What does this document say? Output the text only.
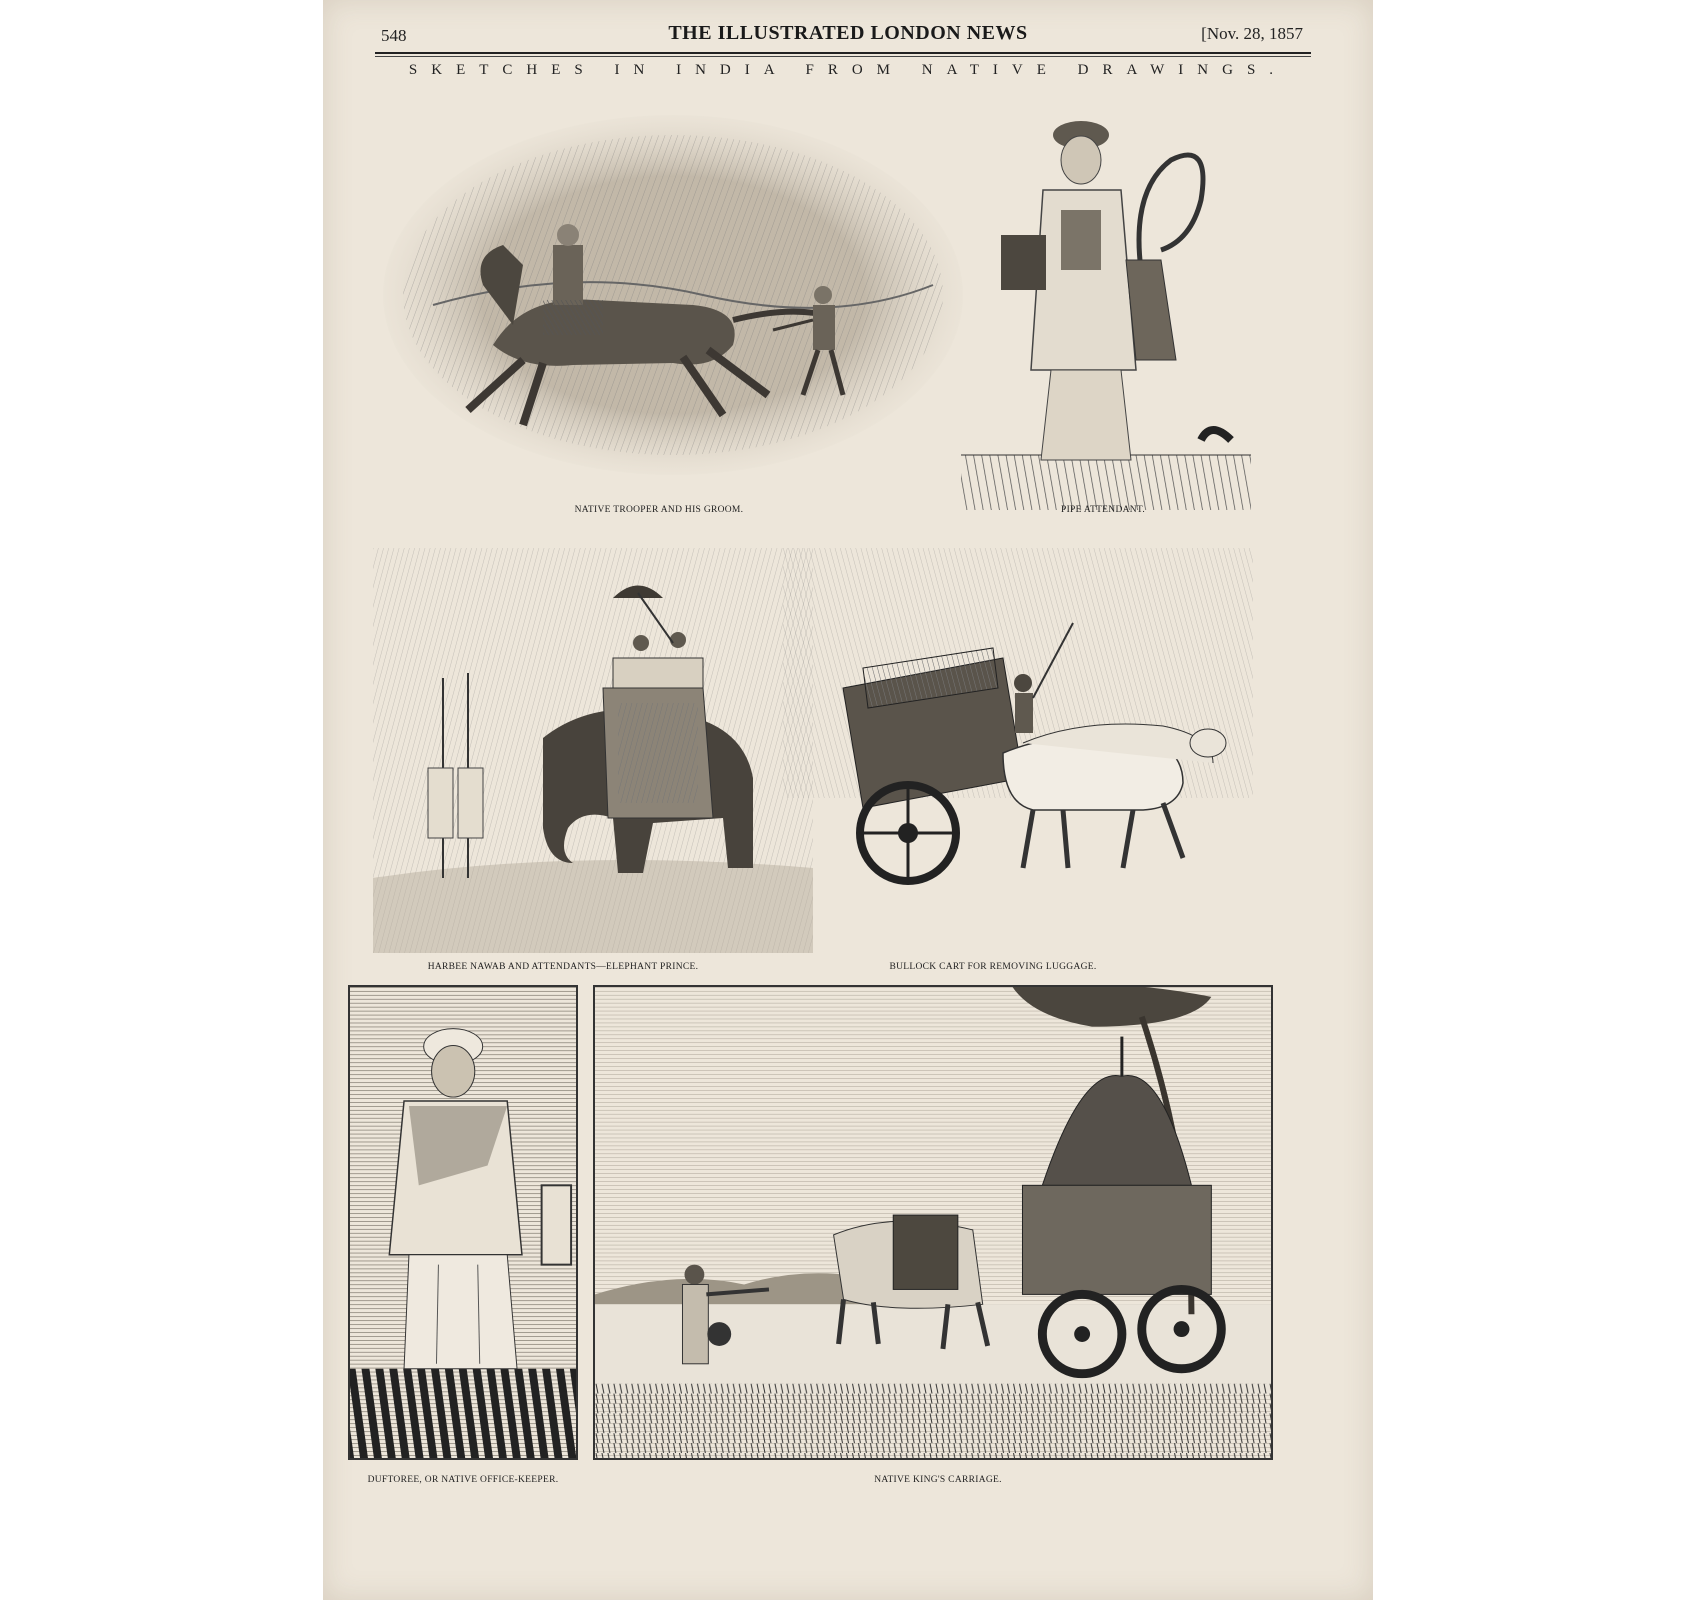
548	THE ILLUSTRATED LONDON NEWS	[Nov. 28, 1857
SKETCHES IN INDIA FROM NATIVE DRAWINGS.
NATIVE TROOPER AND HIS GROOM.	PIPE ATTENDANT.
HARBEE NAWAB AND ATTENDANTS—ELEPHANT PRINCE.	BULLOCK CART FOR REMOVING LUGGAGE.
DUFTOREE, OR NATIVE OFFICE-KEEPER.	NATIVE KING'S CARRIAGE.
